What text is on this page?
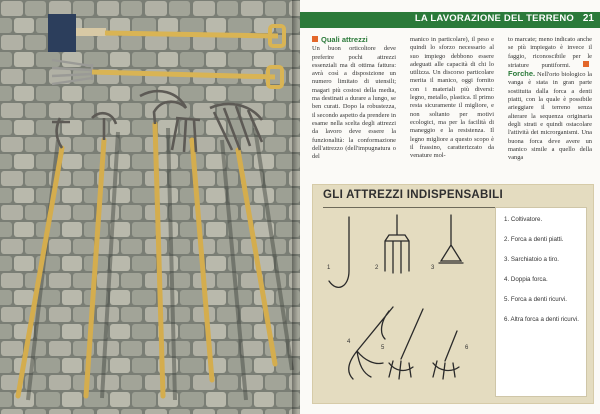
LA LAVORAZIONE DEL TERRENO 21
Quali attrezzi
Un buon orticoltore deve preferire pochi attrezzi essenziali ma di ottima fattura: avrà così a disposizione un numero limitato di utensili; magari più costosi della media, ma destinati a durare a lungo, se ben curati. Dopo la robustezza, il secondo aspetto da prendere in esame nella scelta degli attrezzi da lavoro deve essere la funzionalità: la conformazione dell'attrezzo (dell'impugnatura o del
manico in particolare), il peso e quindi lo sforzo necessario al suo impiego debbono essere adeguati alle capacità di chi lo utilizza. Un discorso particolare merita il manico, oggi fornito con i materiali più diversi: legno, metallo, plastica. Il primo resta sicuramente il migliore, e non soltanto per motivi ecologici, ma per la facilità di maneggio e la resistenza. Il legno migliore a questo scopo è il frassino, caratterizzato da venature mol-
to marcate; meno indicato anche se più impiegato è invece il faggio, riconoscibile per le striature puntiformi. Forche. Nell'orto biologico la vanga è stata in gran parte sostituita dalla forca a denti piatti, con la quale è possibile arieggiare il terreno senza alterare la sequenza originaria degli strati e quindi ostacolare l'attività dei microrganismi. Una buona forca deve avere un manico simile a quello della vanga
GLI ATTREZZI INDISPENSABILI
1	2	3
4
5	6
1. Coltivatore.
2. Forca a denti piatti.
3. Sarchiatoio a tiro.
4. Doppia forca.
5. Forca a denti ricurvi.
6. Altra forca a denti ricurvi.
